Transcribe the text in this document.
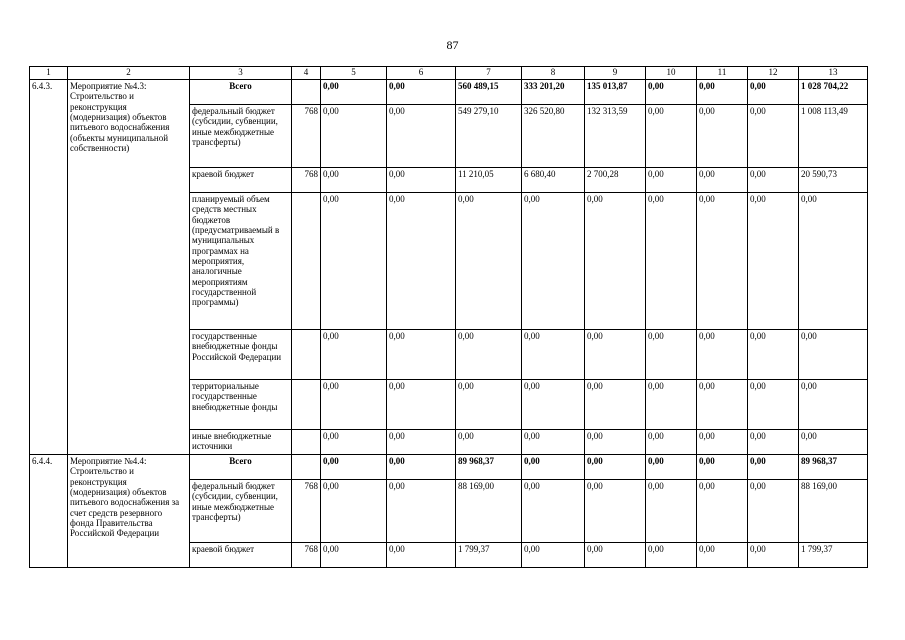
87
1	2	3	4	5	6	7	8	9	10	11	12	13
6.4.3.	Мероприятие №4.3: Строительство и реконструкция (модернизация) объектов питьевого водоснабжения (объекты муниципальной собственности)	Всего		0,00	0,00	560 489,15	333 201,20	135 013,87	0,00	0,00	0,00	1 028 704,22
		федеральный бюджет (субсидии, субвенции, иные межбюджетные трансферты)	768	0,00	0,00	549 279,10	326 520,80	132 313,59	0,00	0,00	0,00	1 008 113,49
		краевой бюджет	768	0,00	0,00	11 210,05	6 680,40	2 700,28	0,00	0,00	0,00	20 590,73
		планируемый объем средств местных бюджетов (предусматриваемый в муниципальных программах на мероприятия, аналогичные мероприятиям государственной программы)		0,00	0,00	0,00	0,00	0,00	0,00	0,00	0,00	0,00
		государственные внебюджетные фонды Российской Федерации		0,00	0,00	0,00	0,00	0,00	0,00	0,00	0,00	0,00
		территориальные государственные внебюджетные фонды		0,00	0,00	0,00	0,00	0,00	0,00	0,00	0,00	0,00
		иные внебюджетные источники		0,00	0,00	0,00	0,00	0,00	0,00	0,00	0,00	0,00
6.4.4.	Мероприятие №4.4: Строительство и реконструкция (модернизация) объектов питьевого водоснабжения за счет средств резервного фонда Правительства Российской Федерации	Всего		0,00	0,00	89 968,37	0,00	0,00	0,00	0,00	0,00	89 968,37
		федеральный бюджет (субсидии, субвенции, иные межбюджетные трансферты)	768	0,00	0,00	88 169,00	0,00	0,00	0,00	0,00	0,00	88 169,00
		краевой бюджет	768	0,00	0,00	1 799,37	0,00	0,00	0,00	0,00	0,00	1 799,37
